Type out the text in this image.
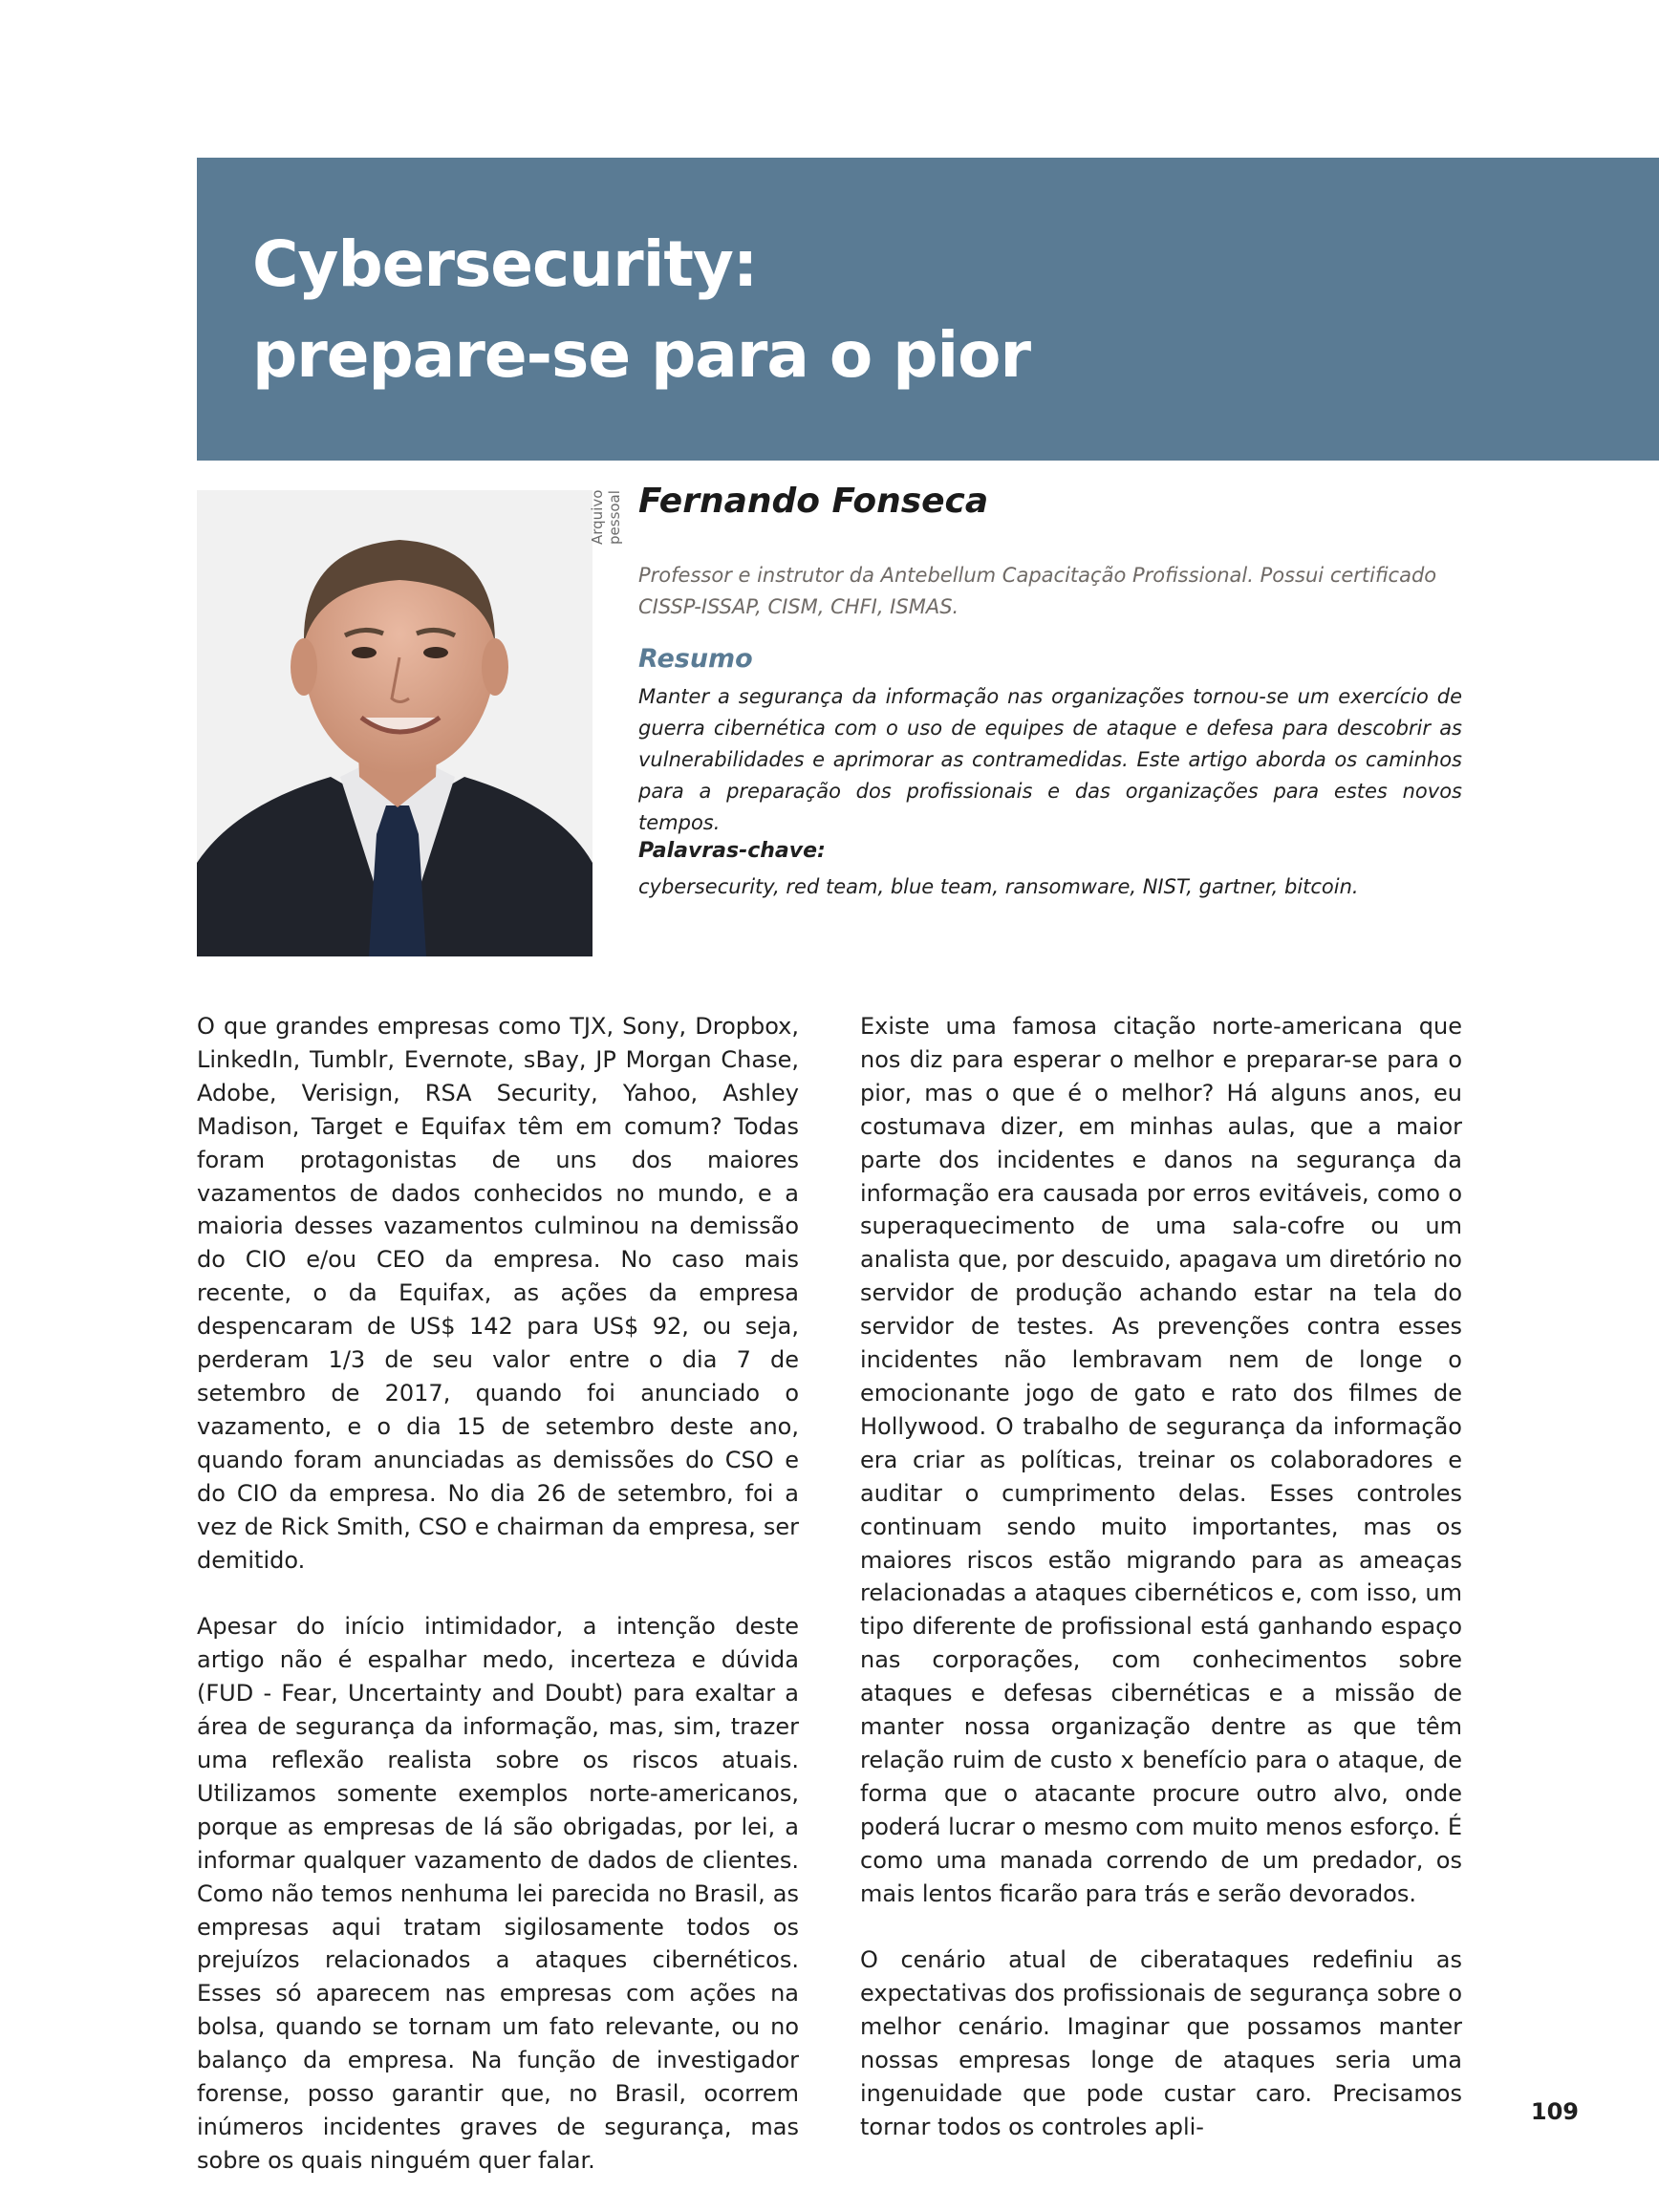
Cybersecurity:
prepare-se para o pior
Arquivo pessoal Fernando Fonseca

Professor e instrutor da Antebellum Capacitação Profissional. Possui certificado CISSP-ISSAP, CISM, CHFI, ISMAS.

Resumo

Manter a segurança da informação nas organizações tornou-se um exercício de guerra cibernética com o uso de equipes de ataque e defesa para descobrir as vulnerabilidades e aprimorar as contramedidas. Este artigo aborda os caminhos para a preparação dos profissionais e das organizações para estes novos tempos.

Palavras-chave:

cybersecurity, red team, blue team, ransomware, NIST, gartner, bitcoin.

O que grandes empresas como TJX, Sony, Dropbox, LinkedIn, Tumblr, Evernote, sBay, JP Morgan Chase, Adobe, Verisign, RSA Security, Yahoo, Ashley Madison, Target e Equifax têm em comum? Todas foram protagonistas de uns dos maiores vazamentos de dados conhecidos no mundo, e a maioria desses vazamentos culminou na demissão do CIO e/ou CEO da empresa. No caso mais recente, o da Equifax, as ações da empresa despencaram de US$ 142 para US$ 92, ou seja, perderam 1/3 de seu valor entre o dia 7 de setembro de 2017, quando foi anunciado o vazamento, e o dia 15 de setembro deste ano, quando foram anunciadas as demissões do CSO e do CIO da empresa. No dia 26 de setembro, foi a vez de Rick Smith, CSO e chairman da empresa, ser demitido.

Apesar do início intimidador, a intenção deste artigo não é espalhar medo, incerteza e dúvida (FUD - Fear, Uncertainty and Doubt) para exaltar a área de segurança da informação, mas, sim, trazer uma reflexão realista sobre os riscos atuais. Utilizamos somente exemplos norte-americanos, porque as empresas de lá são obrigadas, por lei, a informar qualquer vazamento de dados de clientes. Como não temos nenhuma lei parecida no Brasil, as empresas aqui tratam sigilosamente todos os prejuízos relacionados a ataques cibernéticos. Esses só aparecem nas empresas com ações na bolsa, quando se tornam um fato relevante, ou no balanço da empresa. Na função de investigador forense, posso garantir que, no Brasil, ocorrem inúmeros incidentes graves de segurança, mas sobre os quais ninguém quer falar.

Existe uma famosa citação norte-americana que nos diz para esperar o melhor e preparar-se para o pior, mas o que é o melhor? Há alguns anos, eu costumava dizer, em minhas aulas, que a maior parte dos incidentes e danos na segurança da informação era causada por erros evitáveis, como o superaquecimento de uma sala-cofre ou um analista que, por descuido, apagava um diretório no servidor de produção achando estar na tela do servidor de testes. As prevenções contra esses incidentes não lembravam nem de longe o emocionante jogo de gato e rato dos filmes de Hollywood. O trabalho de segurança da informação era criar as políticas, treinar os colaboradores e auditar o cumprimento delas. Esses controles continuam sendo muito importantes, mas os maiores riscos estão migrando para as ameaças relacionadas a ataques cibernéticos e, com isso, um tipo diferente de profissional está ganhando espaço nas corporações, com conhecimentos sobre ataques e defesas cibernéticas e a missão de manter nossa organização dentre as que têm relação ruim de custo x benefício para o ataque, de forma que o atacante procure outro alvo, onde poderá lucrar o mesmo com muito menos esforço. É como uma manada correndo de um predador, os mais lentos ficarão para trás e serão devorados.

O cenário atual de ciberataques redefiniu as expectativas dos profissionais de segurança sobre o melhor cenário. Imaginar que possamos manter nossas empresas longe de ataques seria uma ingenuidade que pode custar caro. Precisamos tornar todos os controles apli-

109
